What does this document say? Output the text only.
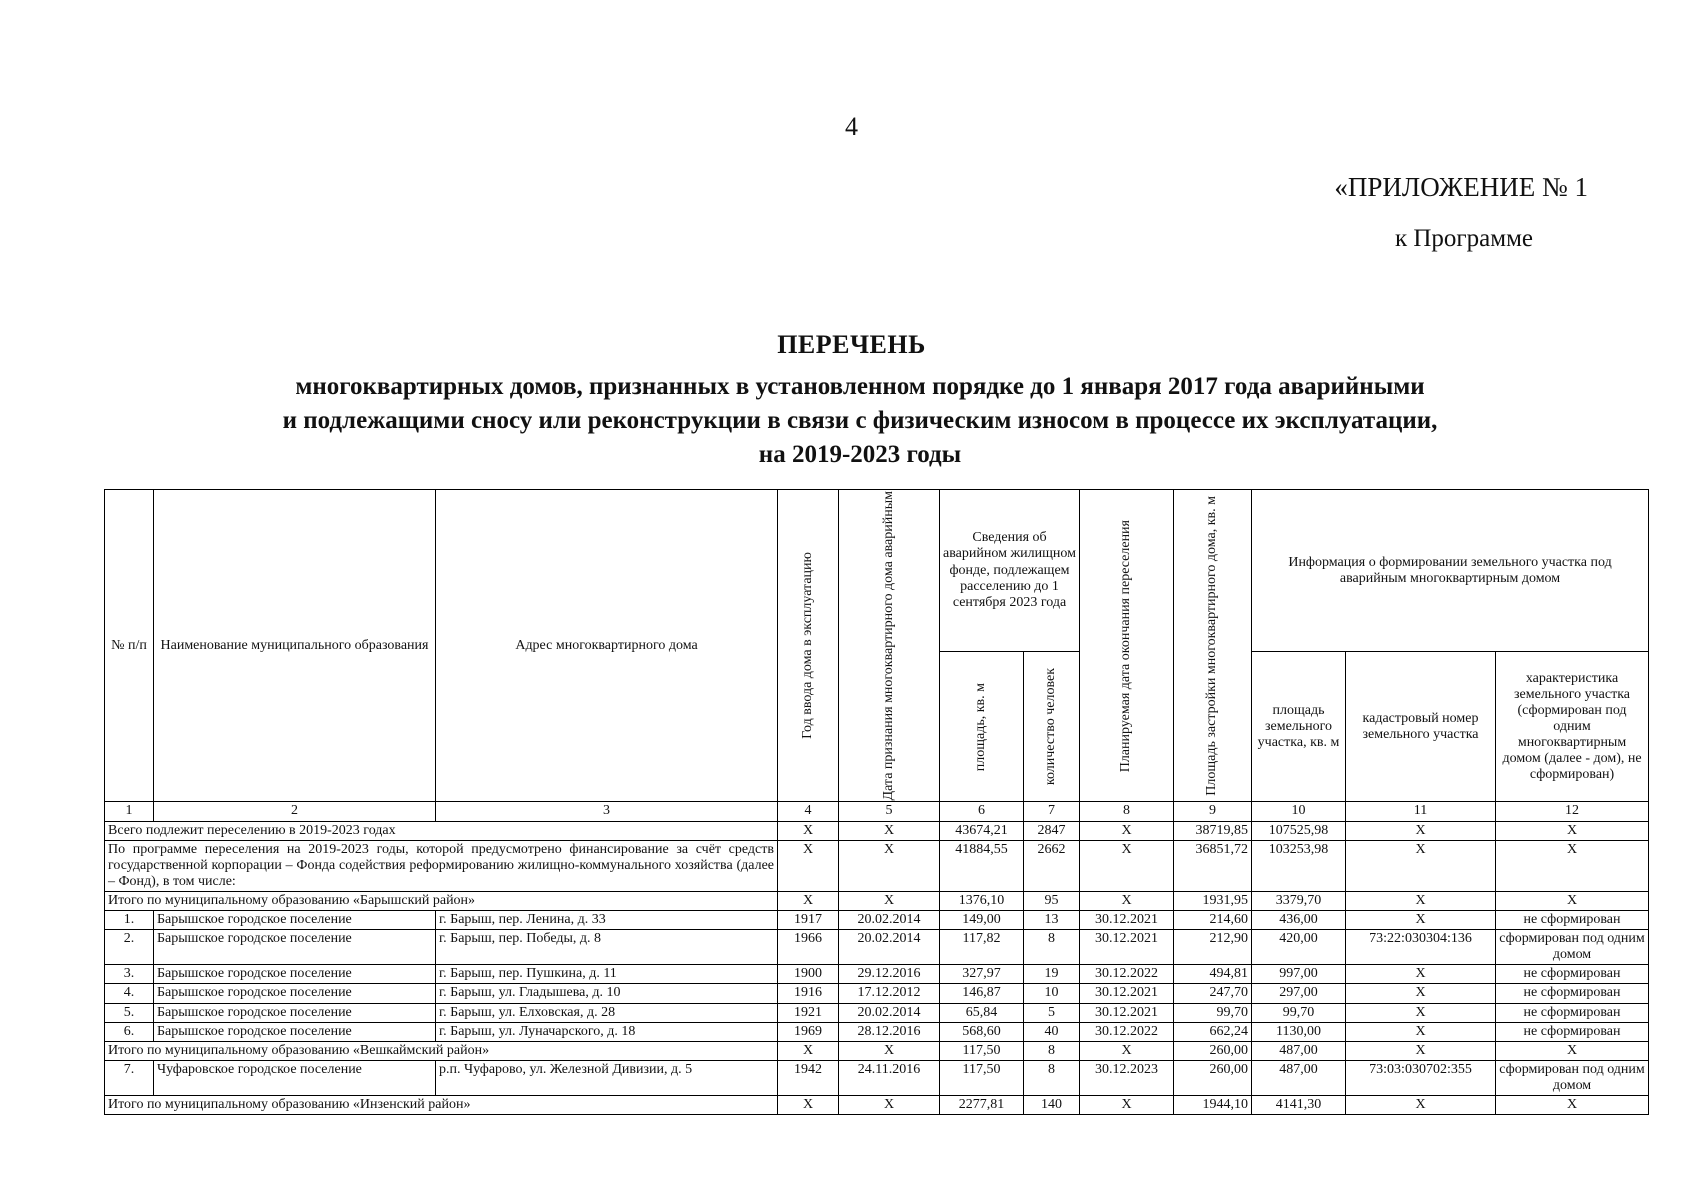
4
«ПРИЛОЖЕНИЕ № 1
к Программе
ПЕРЕЧЕНЬ
многоквартирных домов, признанных в установленном порядке до 1 января 2017 года аварийными
и подлежащими сносу или реконструкции в связи с физическим износом в процессе их эксплуатации,
на 2019-2023 годы
№ п/п	Наименование муниципального образования	Адрес многоквартирного дома	Год ввода дома в эксплуатацию	Дата признания многоквартирного дома аварийным	Сведения об аварийном жилищном фонде, подлежащем расселению до 1 сентября 2023 года		Планируемая дата окончания переселения	Площадь застройки многоквартирного дома, кв. м	Информация о формировании земельного участка под аварийным многоквартирным домом		

					площадь, кв. м	количество человек			площадь земельного участка, кв. м	кадастровый номер земельного участка	характеристика земельного участка (сформирован под одним многоквартирным домом (далее - дом), не сформирован)
1	2	3	4	5	6	7	8	9	10	11	12
Всего подлежит переселению в 2019-2023 годах			X	X	43674,21	2847	X	38719,85	107525,98	X	X
По программе переселения на 2019-2023 годы, которой предусмотрено финансирование за счёт средств государственной корпорации – Фонда содействия реформированию жилищно-коммунального хозяйства (далее – Фонд), в том числе:			X	X	41884,55	2662	X	36851,72	103253,98	X	X
Итого по муниципальному образованию «Барышский район»			X	X	1376,10	95	X	1931,95	3379,70	X	X
1.	Барышское городское поселение	г. Барыш, пер. Ленина, д. 33	1917	20.02.2014	149,00	13	30.12.2021	214,60	436,00	X	не сформирован
2.	Барышское городское поселение	г. Барыш, пер. Победы, д. 8	1966	20.02.2014	117,82	8	30.12.2021	212,90	420,00	73:22:030304:136	сформирован под одним домом
3.	Барышское городское поселение	г. Барыш, пер. Пушкина, д. 11	1900	29.12.2016	327,97	19	30.12.2022	494,81	997,00	X	не сформирован
4.	Барышское городское поселение	г. Барыш, ул. Гладышева, д. 10	1916	17.12.2012	146,87	10	30.12.2021	247,70	297,00	X	не сформирован
5.	Барышское городское поселение	г. Барыш, ул. Елховская, д. 28	1921	20.02.2014	65,84	5	30.12.2021	99,70	99,70	X	не сформирован
6.	Барышское городское поселение	г. Барыш, ул. Луначарского, д. 18	1969	28.12.2016	568,60	40	30.12.2022	662,24	1130,00	X	не сформирован
Итого по муниципальному образованию «Вешкаймский район»			X	X	117,50	8	X	260,00	487,00	X	X
7.	Чуфаровское городское поселение	р.п. Чуфарово, ул. Железной Дивизии, д. 5	1942	24.11.2016	117,50	8	30.12.2023	260,00	487,00	73:03:030702:355	сформирован под одним домом
Итого по муниципальному образованию «Инзенский район»			X	X	2277,81	140	X	1944,10	4141,30	X	X
